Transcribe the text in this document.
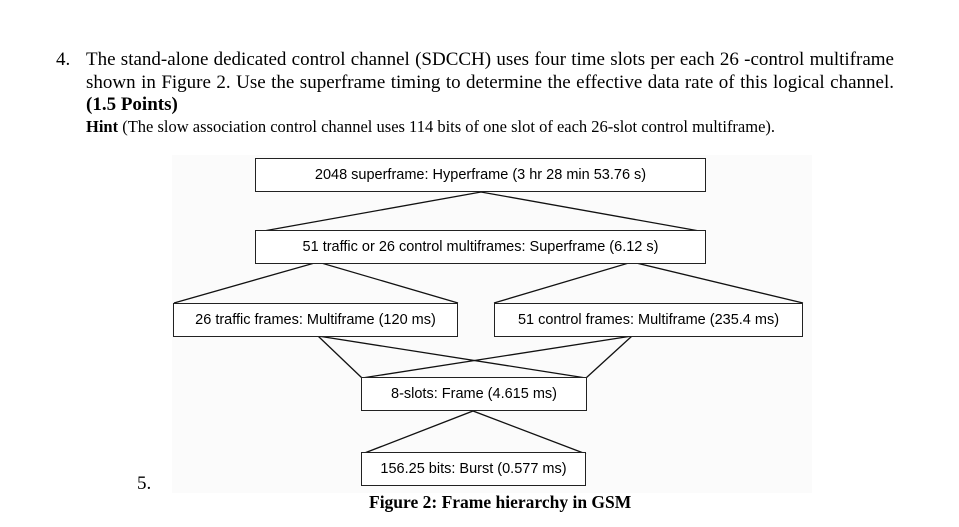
4. The stand-alone dedicated control channel (SDCCH) uses four time slots per each 26 -control multiframe shown in Figure 2. Use the superframe timing to determine the effective data rate of this logical channel. (1.5 Points)
Hint (The slow association control channel uses 114 bits of one slot of each 26-slot control multiframe).
2048 superframe: Hyperframe (3 hr 28 min 53.76 s)
51 traffic or 26 control multiframes: Superframe (6.12 s)
26 traffic frames: Multiframe (120 ms)	51 control frames: Multiframe (235.4 ms)
8-slots: Frame (4.615 ms)
156.25 bits: Burst (0.577 ms)
5.
Figure 2: Frame hierarchy in GSM
